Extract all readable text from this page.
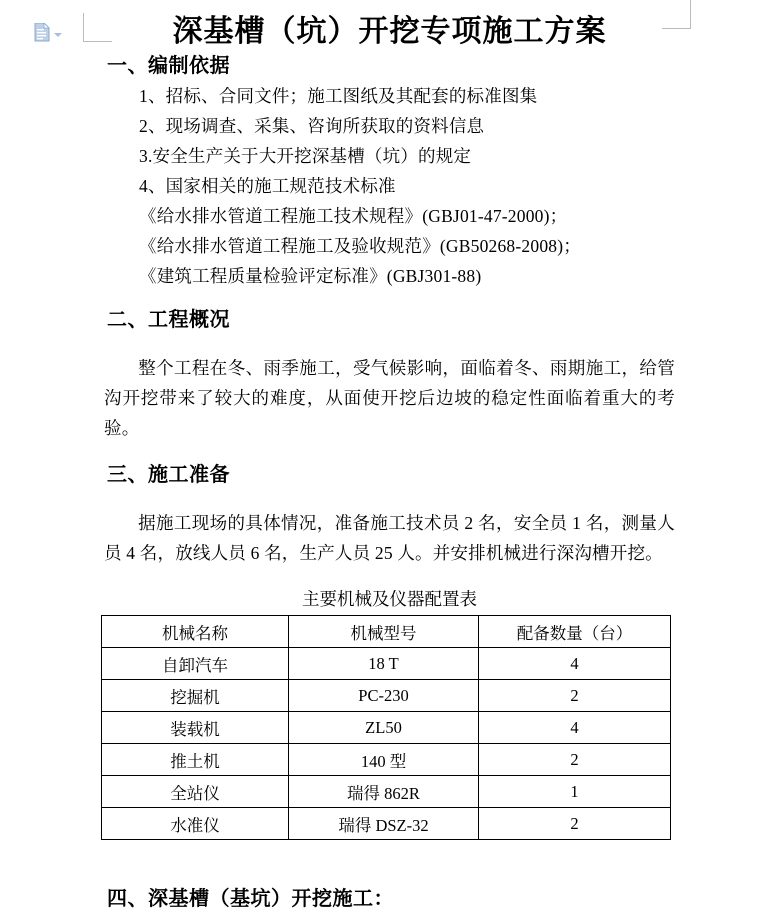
深基槽（坑）开挖专项施工方案
一、编制依据
1、招标、合同文件；施工图纸及其配套的标准图集
2、现场调查、采集、咨询所获取的资料信息
3.安全生产关于大开挖深基槽（坑）的规定
4、国家相关的施工规范技术标准
《给水排水管道工程施工技术规程》(GBJ01-47-2000)；
《给水排水管道工程施工及验收规范》(GB50268-2008)；
《建筑工程质量检验评定标准》(GBJ301-88)
二、工程概况

整个工程在冬、雨季施工，受气候影响，面临着冬、雨期施工，给管沟开挖带来了较大的难度，从面使开挖后边坡的稳定性面临着重大的考验。

三、施工准备

据施工现场的具体情况，准备施工技术员 2 名，安全员 1 名，测量人员 4 名，放线人员 6 名，生产人员 25 人。并安排机械进行深沟槽开挖。

主要机械及仪器配置表
机械名称	机械型号	配备数量（台）
自卸汽车	18 T	4
挖掘机	PC-230	2
装载机	ZL50	4
推土机	140 型	2
全站仪	瑞得 862R	1
水准仪	瑞得 DSZ-32	2
四、深基槽（基坑）开挖施工：
